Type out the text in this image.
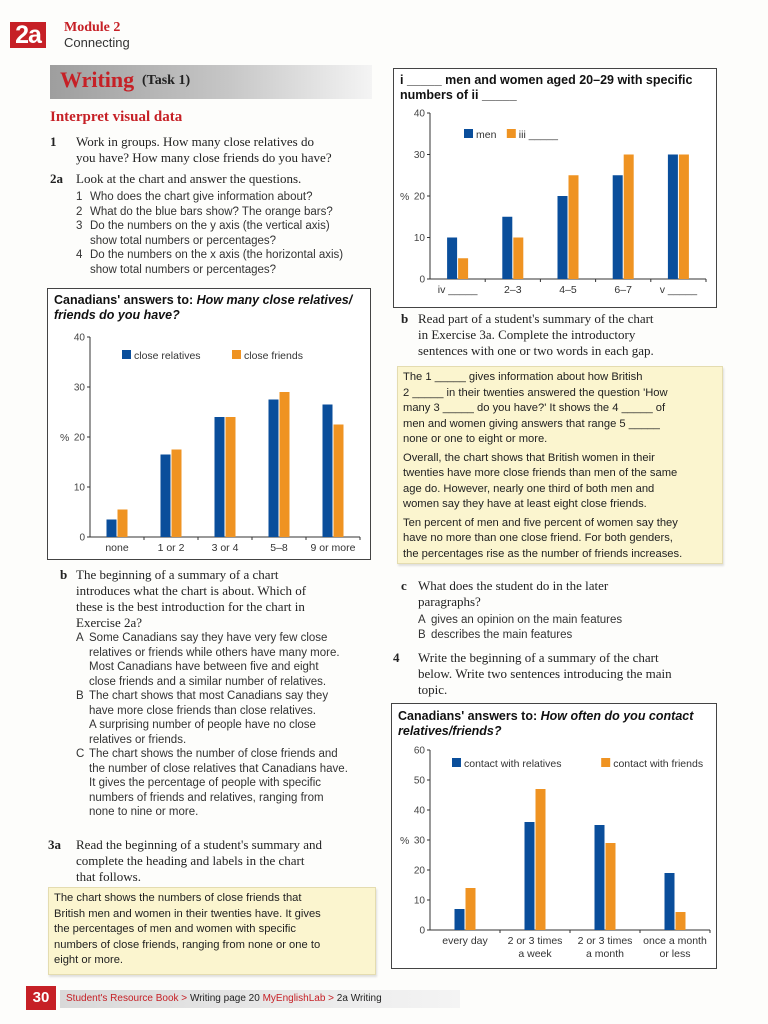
2a	Module 2
Connecting
Writing (Task 1)
Interpret visual data
1 Work in groups. How many close relatives do
you have? How many close friends do you have?
2a Look at the chart and answer the questions.
1 Who does the chart give information about?
2 What do the blue bars show? The orange bars?
3 Do the numbers on the y axis (the vertical axis)
show total numbers or percentages?
4 Do the numbers on the x axis (the horizontal axis)
show total numbers or percentages?
Canadians' answers to: How many close relatives/
friends do you have?
0
10
20
30
40
%
close relatives	close friends
none	1 or 2	3 or 4	5–8 9 or more
b The beginning of a summary of a chart
introduces what the chart is about. Which of
these is the best introduction for the chart in
Exercise 2a?
A Some Canadians say they have very few close
relatives or friends while others have many more.
Most Canadians have between five and eight
close friends and a similar number of relatives.
B The chart shows that most Canadians say they
have more close friends than close relatives.
A surprising number of people have no close
relatives or friends.
C The chart shows the number of close friends and
the number of close relatives that Canadians have.
It gives the percentage of people with specific
numbers of friends and relatives, ranging from
none to nine or more.
3a Read the beginning of a student's summary and
complete the heading and labels in the chart
that follows.
The chart shows the numbers of close friends that
British men and women in their twenties have. It gives
the percentages of men and women with specific
numbers of close friends, ranging from none or one to
eight or more.
i _____ men and women aged 20–29 with specific
numbers of ii _____
0
10
20
30
40
%
men iii _____
iv _____	2–3	4–5	6–7	v _____
b Read part of a student's summary of the chart
in Exercise 3a. Complete the introductory
sentences with one or two words in each gap.

The 1 _____ gives information about how British
2 _____ in their twenties answered the question 'How
many 3 _____ do you have?' It shows the 4 _____ of
men and women giving answers that range 5 _____
none or one to eight or more.

Overall, the chart shows that British women in their
twenties have more close friends than men of the same
age do. However, nearly one third of both men and
women say they have at least eight close friends.

Ten percent of men and five percent of women say they
have no more than one close friend. For both genders,
the percentages rise as the number of friends increases.

c What does the student do in the later
paragraphs?
A gives an opinion on the main features
B describes the main features
4 Write the beginning of a summary of the chart
below. Write two sentences introducing the main
topic.
Canadians' answers to: How often do you contact
relatives/friends?
0
10
20
30
40
50
60
%
contact with relatives	contact with friends
every day 2 or 3 times
a week
2 or 3 times
a month
once a month
or less
30	Student's Resource Book > Writing page 20 MyEnglishLab > 2a Writing
